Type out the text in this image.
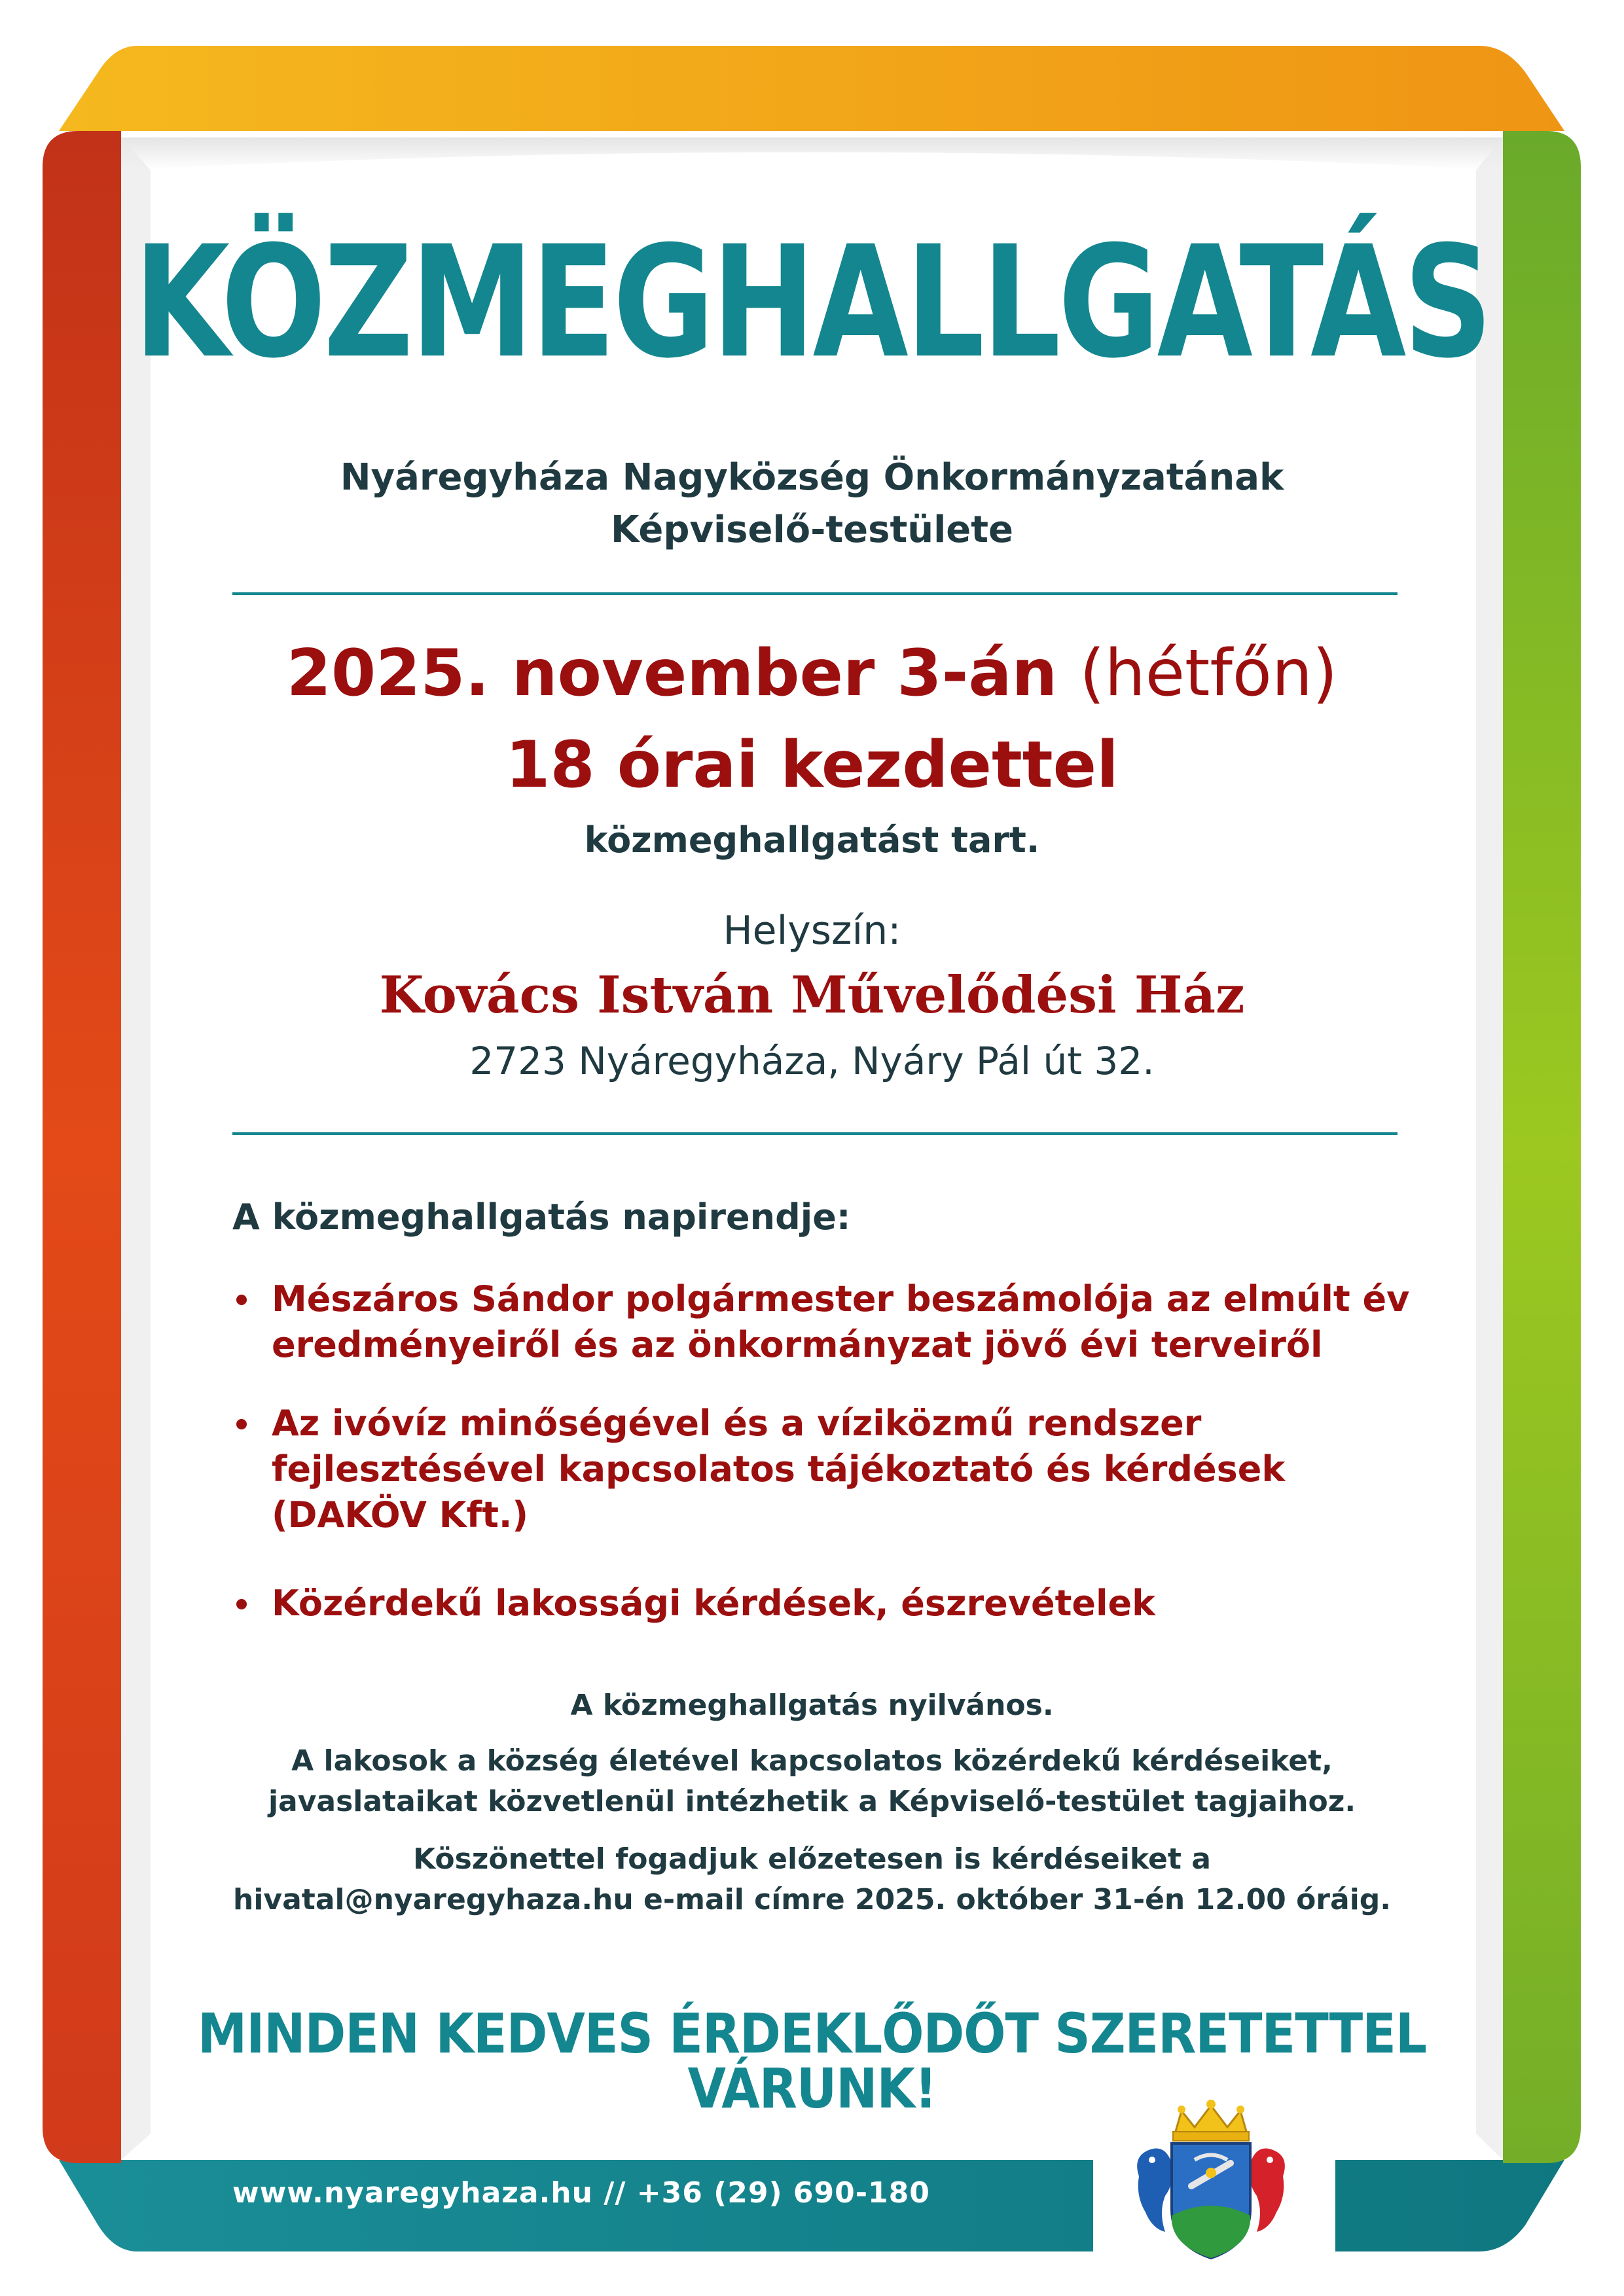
KÖZMEGHALLGATÁS
Nyáregyháza Nagyközség Önkormányzatának
Képviselő-testülete
2025. november 3-án (hétfőn)
18 órai kezdettel
közmeghallgatást tart.
Helyszín:
Kovács István Művelődési Ház
2723 Nyáregyháza, Nyáry Pál út 32.
A közmeghallgatás napirendje:
Mészáros Sándor polgármester beszámolója az elmúlt év
eredményeiről és az önkormányzat jövő évi terveiről
Az ivóvíz minőségével és a víziközmű rendszer
fejlesztésével kapcsolatos tájékoztató és kérdések
(DAKÖV Kft.)
Közérdekű lakossági kérdések, észrevételek
A közmeghallgatás nyilvános.
A lakosok a község életével kapcsolatos közérdekű kérdéseiket,
javaslataikat közvetlenül intézhetik a Képviselő-testület tagjaihoz.
Köszönettel fogadjuk előzetesen is kérdéseiket a
hivatal@nyaregyhaza.hu e-mail címre 2025. október 31-én 12.00 óráig.
MINDEN KEDVES ÉRDEKLŐDŐT SZERETETTEL VÁRUNK!
www.nyaregyhaza.hu // +36 (29) 690-180
